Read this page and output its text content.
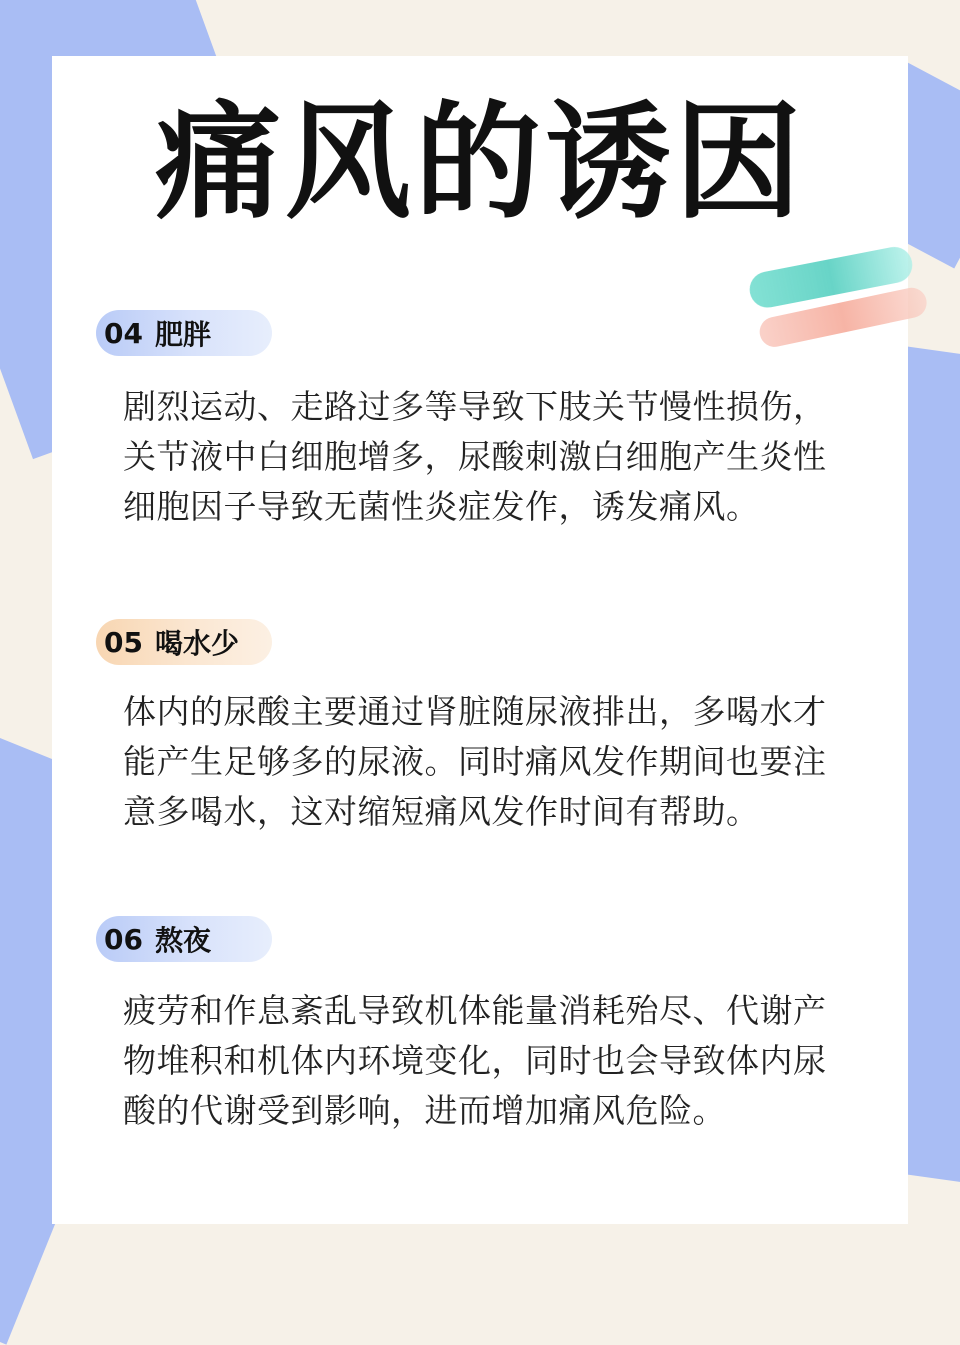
痛风的诱因
04 肥胖
剧烈运动、走路过多等导致下肢关节慢性损伤，关节液中白细胞增多，尿酸刺激白细胞产生炎性细胞因子导致无菌性炎症发作，诱发痛风。
05 喝水少
体内的尿酸主要通过肾脏随尿液排出，多喝水才能产生足够多的尿液。同时痛风发作期间也要注意多喝水，这对缩短痛风发作时间有帮助。
06 熬夜
疲劳和作息紊乱导致机体能量消耗殆尽、代谢产物堆积和机体内环境变化，同时也会导致体内尿酸的代谢受到影响，进而增加痛风危险。
